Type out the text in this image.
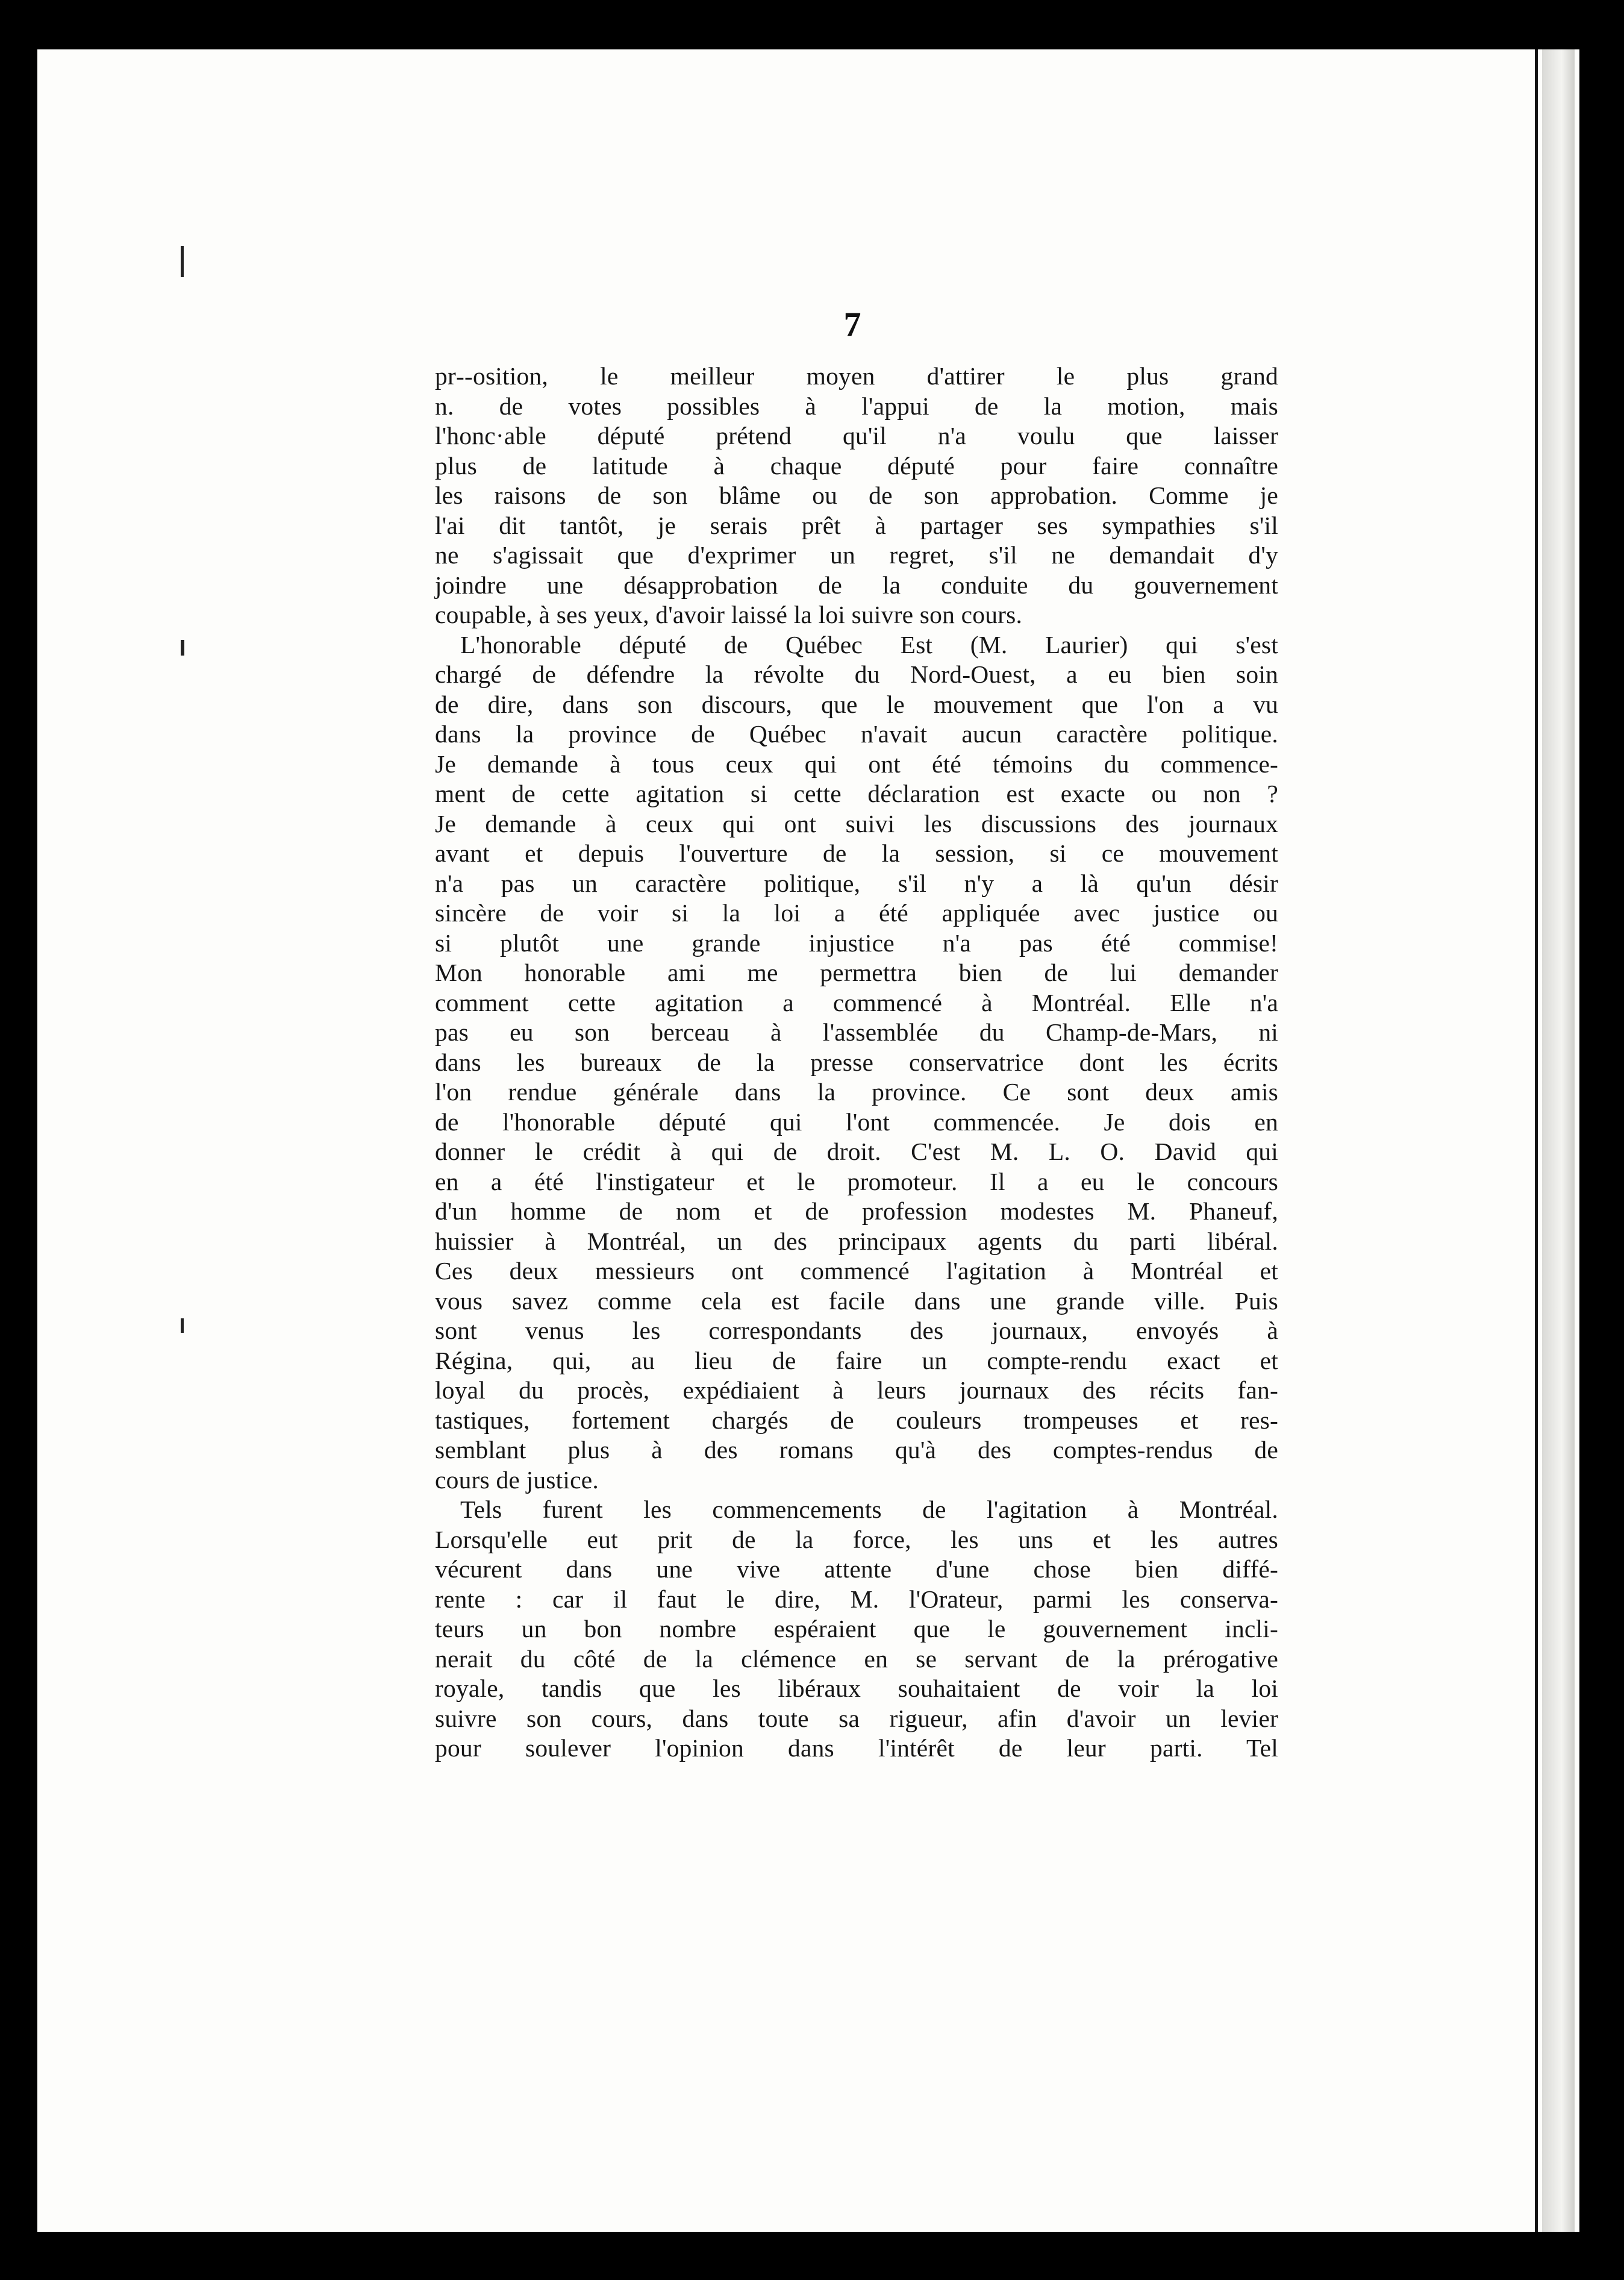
7
pr‐‐osition, le meilleur moyen d'attirer le plus grand
n. de votes possibles à l'appui de la motion, mais
l'honc·able député prétend qu'il n'a voulu que laisser
plus de latitude à chaque député pour faire connaître
les raisons de son blâme ou de son approbation. Comme je
l'ai dit tantôt, je serais prêt à partager ses sympathies s'il
ne s'agissait que d'exprimer un regret, s'il ne demandait d'y
joindre une désapprobation de la conduite du gouvernement
coupable, à ses yeux, d'avoir laissé la loi suivre son cours.
L'honorable député de Québec Est (M. Laurier) qui s'est
chargé de défendre la révolte du Nord-Ouest, a eu bien soin
de dire, dans son discours, que le mouvement que l'on a vu
dans la province de Québec n'avait aucun caractère politique.
Je demande à tous ceux qui ont été témoins du commence-
ment de cette agitation si cette déclaration est exacte ou non ?
Je demande à ceux qui ont suivi les discussions des journaux
avant et depuis l'ouverture de la session, si ce mouvement
n'a pas un caractère politique, s'il n'y a là qu'un désir
sincère de voir si la loi a été appliquée avec justice ou
si plutôt une grande injustice n'a pas été commise!
Mon honorable ami me permettra bien de lui demander
comment cette agitation a commencé à Montréal. Elle n'a
pas eu son berceau à l'assemblée du Champ-de-Mars, ni
dans les bureaux de la presse conservatrice dont les écrits
l'on rendue générale dans la province. Ce sont deux amis
de l'honorable député qui l'ont commencée. Je dois en
donner le crédit à qui de droit. C'est M. L. O. David qui
en a été l'instigateur et le promoteur. Il a eu le concours
d'un homme de nom et de profession modestes M. Phaneuf,
huissier à Montréal, un des principaux agents du parti libéral.
Ces deux messieurs ont commencé l'agitation à Montréal et
vous savez comme cela est facile dans une grande ville. Puis
sont venus les correspondants des journaux, envoyés à
Régina, qui, au lieu de faire un compte-rendu exact et
loyal du procès, expédiaient à leurs journaux des récits fan-
tastiques, fortement chargés de couleurs trompeuses et res-
semblant plus à des romans qu'à des comptes-rendus de
cours de justice.
Tels furent les commencements de l'agitation à Montréal.
Lorsqu'elle eut prit de la force, les uns et les autres
vécurent dans une vive attente d'une chose bien diffé-
rente : car il faut le dire, M. l'Orateur, parmi les conserva-
teurs un bon nombre espéraient que le gouvernement incli-
nerait du côté de la clémence en se servant de la prérogative
royale, tandis que les libéraux souhaitaient de voir la loi
suivre son cours, dans toute sa rigueur, afin d'avoir un levier
pour soulever l'opinion dans l'intérêt de leur parti. Tel
